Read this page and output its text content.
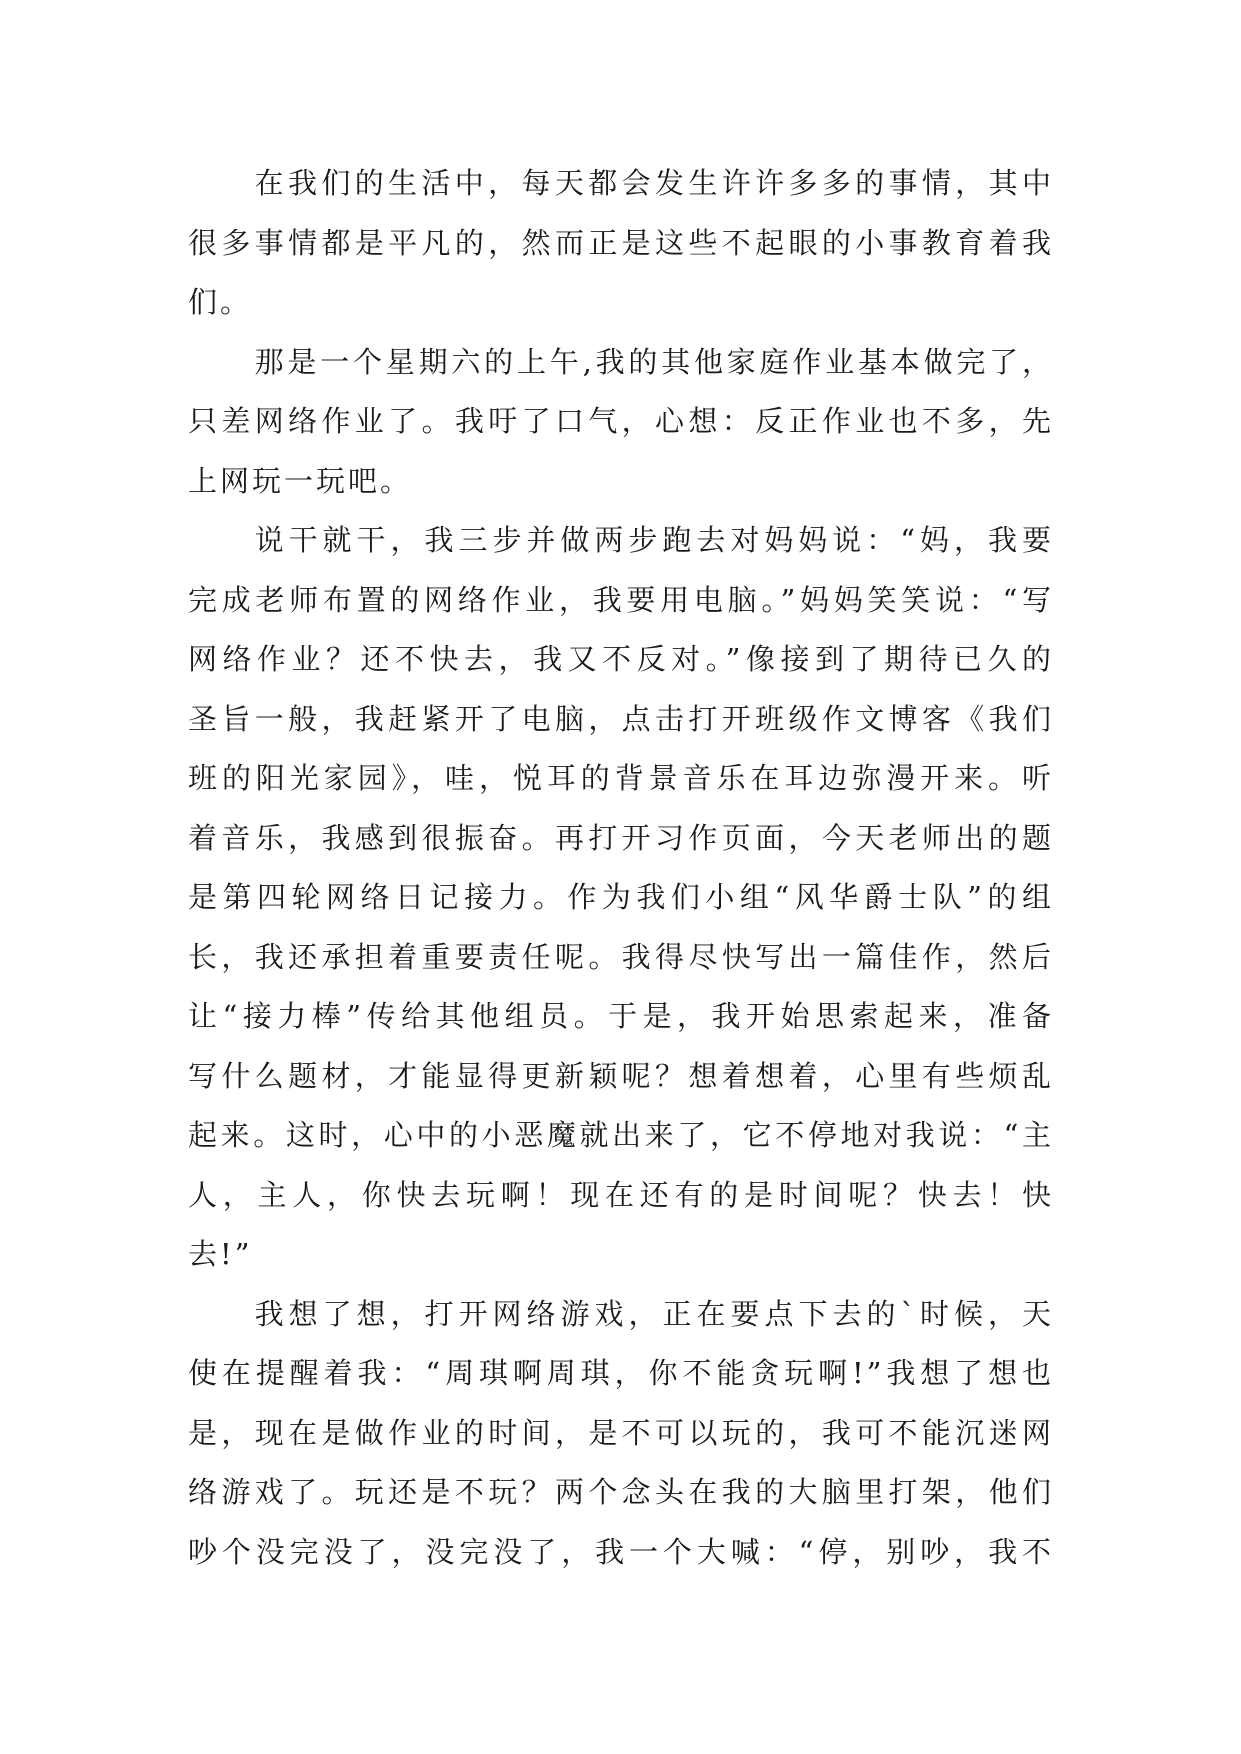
在我们的生活中，每天都会发生许许多多的事情，其中
很多事情都是平凡的，然而正是这些不起眼的小事教育着我
们。
那是一个星期六的上午,我的其他家庭作业基本做完了，
只差网络作业了。我吁了口气，心想：反正作业也不多，先
上网玩一玩吧。
说干就干，我三步并做两步跑去对妈妈说：“妈，我要
完成老师布置的网络作业，我要用电脑。”妈妈笑笑说：“写
网络作业？还不快去，我又不反对。”像接到了期待已久的
圣旨一般，我赶紧开了电脑，点击打开班级作文博客《我们
班的阳光家园》，哇，悦耳的背景音乐在耳边弥漫开来。听
着音乐，我感到很振奋。再打开习作页面，今天老师出的题
是第四轮网络日记接力。作为我们小组“风华爵士队”的组
长，我还承担着重要责任呢。我得尽快写出一篇佳作，然后
让“接力棒”传给其他组员。于是，我开始思索起来，准备
写什么题材，才能显得更新颖呢？想着想着，心里有些烦乱
起来。这时，心中的小恶魔就出来了，它不停地对我说：“主
人，主人，你快去玩啊！现在还有的是时间呢？快去！快
去!”
我想了想，打开网络游戏，正在要点下去的`时候，天
使在提醒着我：“周琪啊周琪，你不能贪玩啊!”我想了想也
是，现在是做作业的时间，是不可以玩的，我可不能沉迷网
络游戏了。玩还是不玩？两个念头在我的大脑里打架，他们
吵个没完没了，没完没了，我一个大喊：“停，别吵，我不
